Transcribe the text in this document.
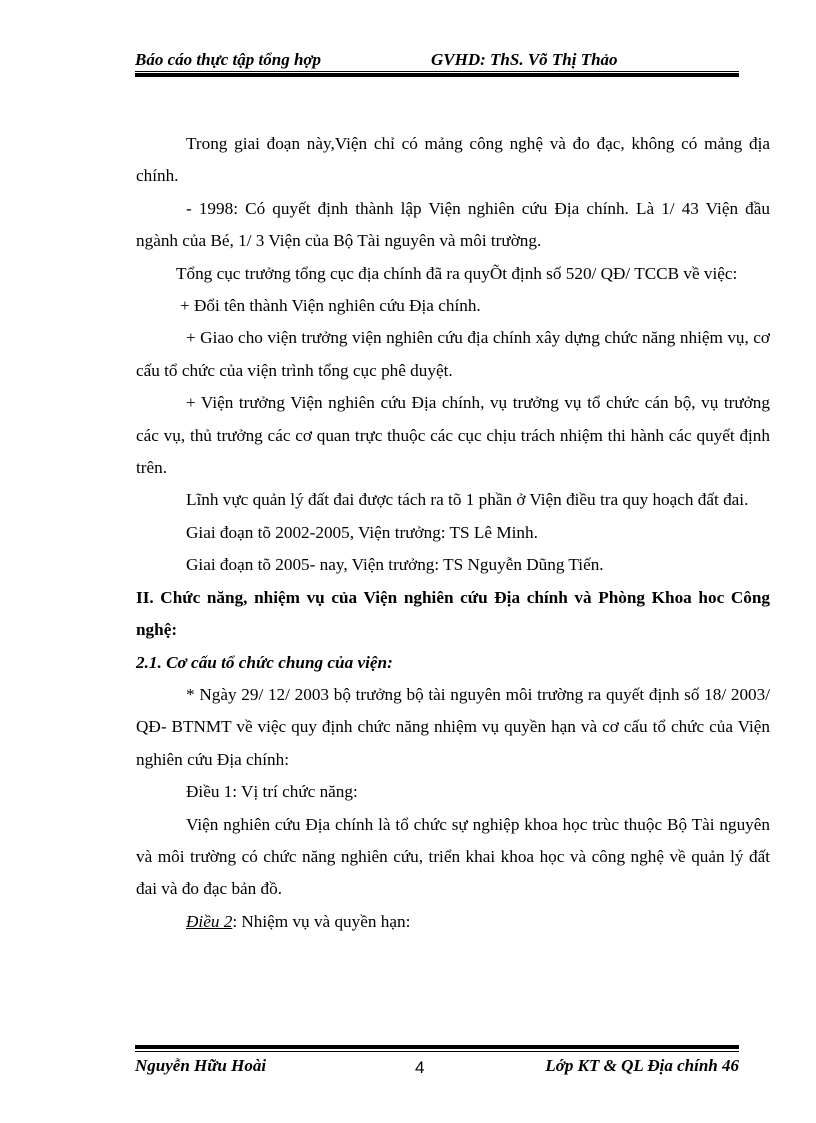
Báo cáo thực tập tổng hợp	GVHD: ThS. Võ Thị Thảo

Trong giai đoạn này,Viện chỉ có mảng công nghệ và đo đạc, không có mảng địa chính.

- 1998: Có quyết định thành lập Viện nghiên cứu Địa chính. Là 1/ 43 Viện đầu ngành của Bé, 1/ 3 Viện của Bộ Tài nguyên và môi trường.

Tổng cục trưởng tổng cục địa chính đã ra quyÕt định số 520/ QĐ/ TCCB về việc:

+ Đổi tên thành Viện nghiên cứu Địa chính.

+ Giao cho viện trưởng viện nghiên cứu địa chính xây dựng chức năng nhiệm vụ, cơ cấu tổ chức của viện trình tổng cục phê duyệt.

+ Viện trưởng Viện nghiên cứu Địa chính, vụ trưởng vụ tổ chức cán bộ, vụ trưởng các vụ, thủ trưởng các cơ quan trực thuộc các cục chịu trách nhiệm thi hành các quyết định trên.

Lĩnh vực quản lý đất đai được tách ra tõ 1 phần ở Viện điều tra quy hoạch đất đai.

Giai đoạn tõ 2002-2005, Viện trưởng: TS Lê Minh.

Giai đoạn tõ 2005- nay, Viện trưởng: TS Nguyễn Dũng Tiến.

II. Chức năng, nhiệm vụ của Viện nghiên cứu Địa chính và Phòng Khoa hoc Công nghệ:

2.1. Cơ cấu tổ chức chung của viện:

* Ngày 29/ 12/ 2003 bộ trưởng bộ tài nguyên môi trường ra quyết định số 18/ 2003/ QĐ- BTNMT về việc quy định chức năng nhiệm vụ quyền hạn và cơ cấu tổ chức của Viện nghiên cứu Địa chính:

Điều 1: Vị trí chức năng:

Viện nghiên cứu Địa chính là tổ chức sự nghiệp khoa học trùc thuộc Bộ Tài nguyên và môi trường có chức năng nghiên cứu, triển khai khoa học và công nghệ về quản lý đất đai và đo đạc bản đồ.

Điều 2: Nhiệm vụ và quyền hạn:

Nguyễn Hữu Hoài	4	Lớp KT & QL Địa chính 46
